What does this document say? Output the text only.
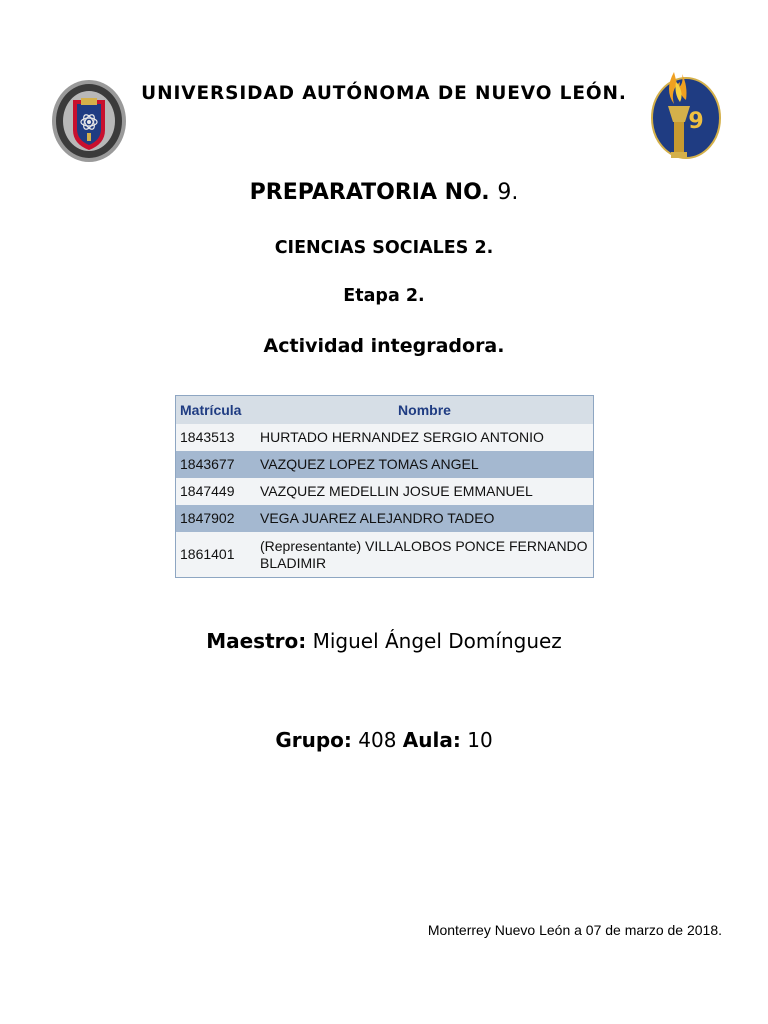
UNIVERSIDAD AUTÓNOMA DE NUEVO LEÓN.
9
PREPARATORIA NO. 9.
CIENCIAS SOCIALES 2.
Etapa 2.
Actividad integradora.
Matrícula	Nombre
1843513	HURTADO HERNANDEZ SERGIO ANTONIO
1843677	VAZQUEZ LOPEZ TOMAS ANGEL
1847449	VAZQUEZ MEDELLIN JOSUE EMMANUEL
1847902	VEGA JUAREZ ALEJANDRO TADEO
1861401	(Representante) VILLALOBOS PONCE FERNANDO BLADIMIR
Maestro: Miguel Ángel Domínguez
Grupo: 408 Aula: 10
Monterrey Nuevo León a 07 de marzo de 2018.
